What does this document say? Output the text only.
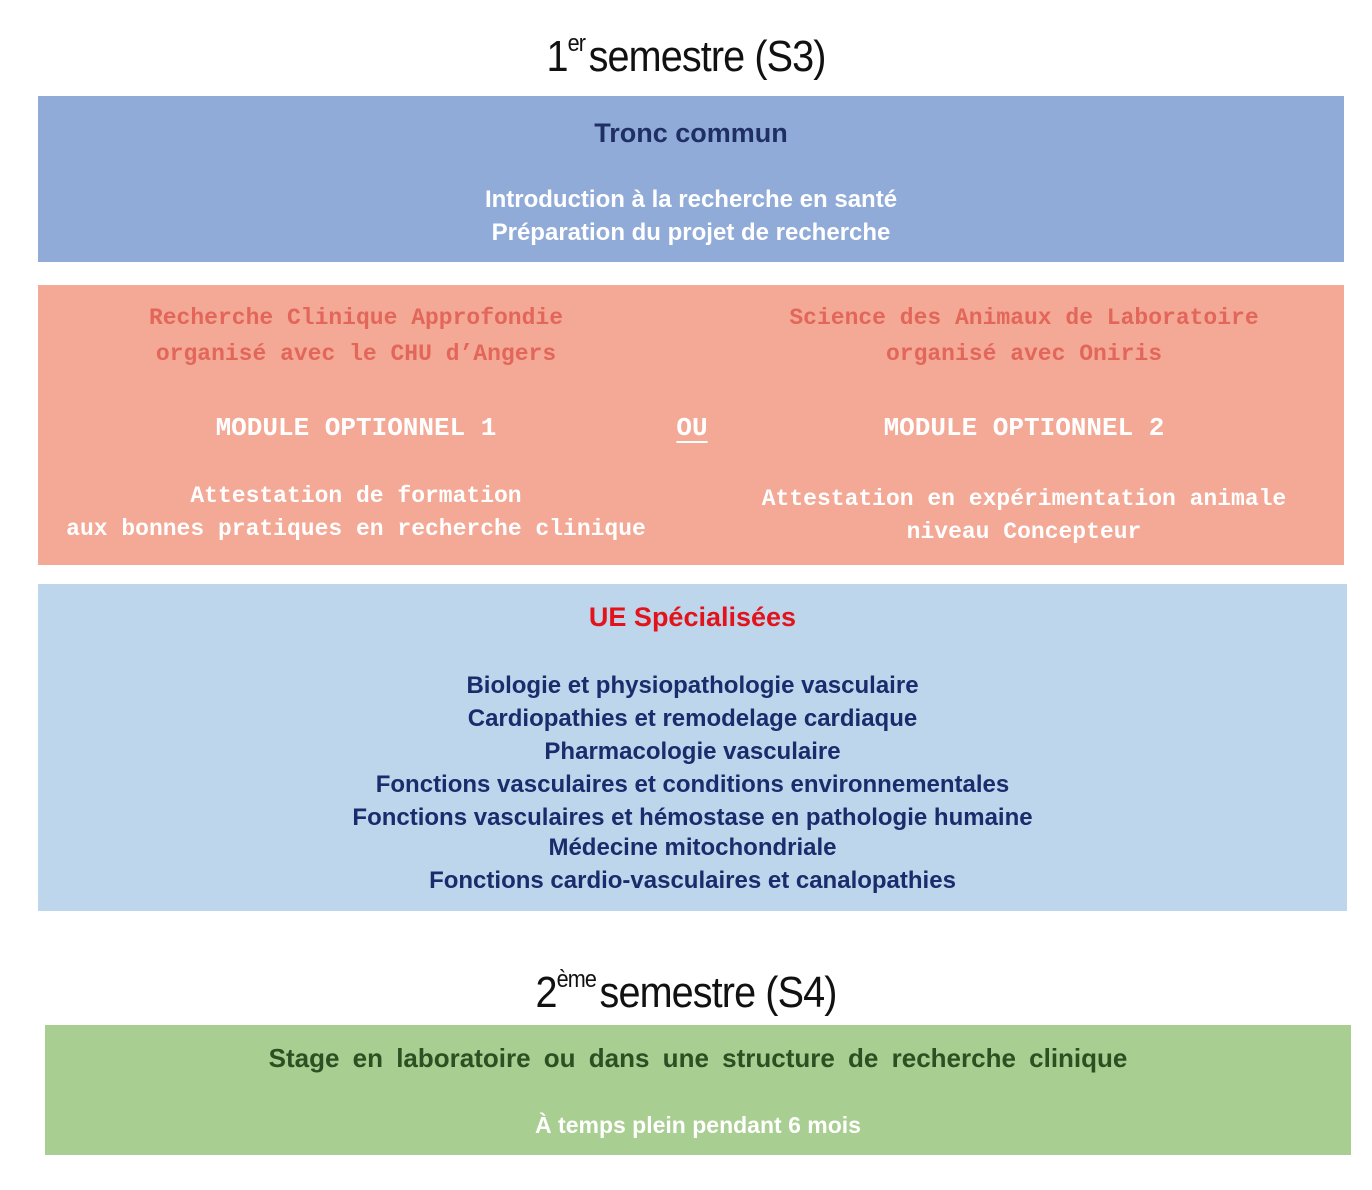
1ersemestre (S3)
Tronc commun
Introduction à la recherche en santé
Préparation du projet de recherche
Recherche Clinique Approfondie
organisé avec le CHU d’Angers
MODULE OPTIONNEL 1
Attestation de formation
aux bonnes pratiques en recherche clinique
OU
Science des Animaux de Laboratoire
organisé avec Oniris
MODULE OPTIONNEL 2
Attestation en expérimentation animale
niveau Concepteur
UE Spécialisées
Biologie et physiopathologie vasculaire
Cardiopathies et remodelage cardiaque
Pharmacologie vasculaire
Fonctions vasculaires et conditions environnementales
Fonctions vasculaires et hémostase en pathologie humaine
Médecine mitochondriale
Fonctions cardio-vasculaires et canalopathies
2èmesemestre (S4)
Stage en laboratoire ou dans une structure de recherche clinique
À temps plein pendant 6 mois
